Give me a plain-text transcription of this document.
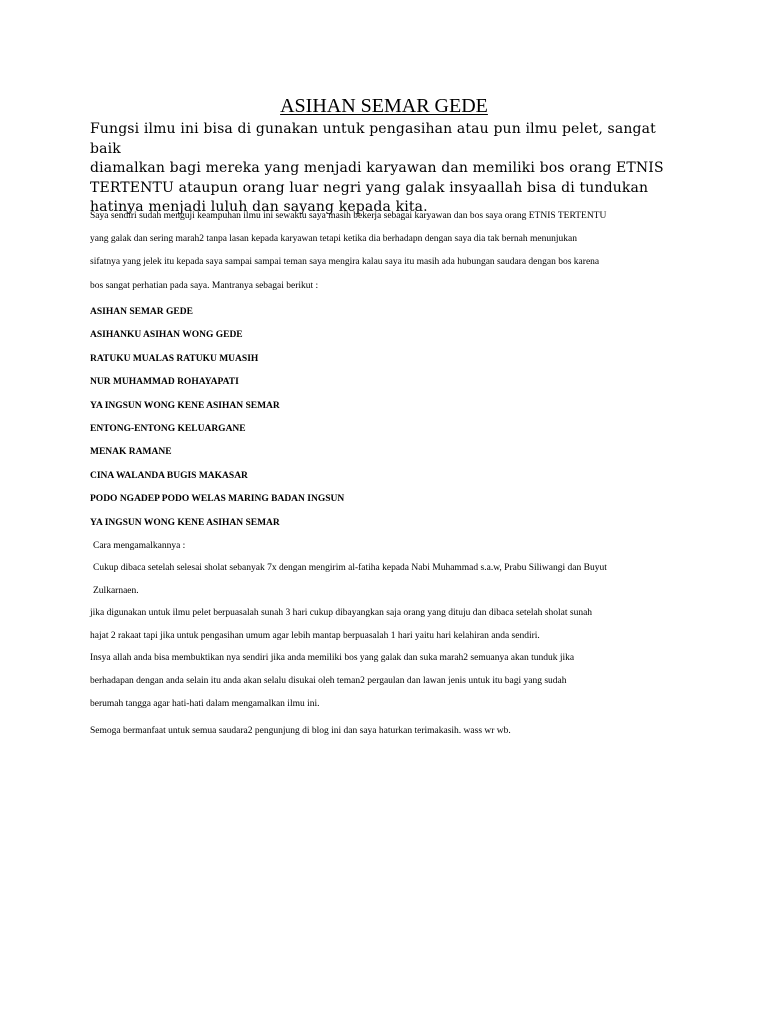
ASIHAN SEMAR GEDE

Fungsi ilmu ini bisa di gunakan untuk pengasihan atau pun ilmu pelet, sangat baik
diamalkan bagi mereka yang menjadi karyawan dan memiliki bos orang ETNIS
TERTENTU ataupun orang luar negri yang galak insyaallah bisa di tundukan
hatinya menjadi luluh dan sayang kepada kita.

Saya sendiri sudah menguji keampuhan ilmu ini sewaktu saya masih bekerja sebagai karyawan dan bos saya orang ETNIS TERTENTU
yang galak dan sering marah2 tanpa lasan kepada karyawan tetapi ketika dia berhadapn dengan saya dia tak bernah menunjukan
sifatnya yang jelek itu kepada saya sampai sampai teman saya mengira kalau saya itu masih ada hubungan saudara dengan bos karena
bos sangat perhatian pada saya. Mantranya sebagai berikut :

ASIHAN SEMAR GEDE
ASIHANKU ASIHAN WONG GEDE
RATUKU MUALAS RATUKU MUASIH
NUR MUHAMMAD ROHAYAPATI
YA INGSUN WONG KENE ASIHAN SEMAR
ENTONG-ENTONG KELUARGANE
MENAK RAMANE
CINA WALANDA BUGIS MAKASAR
PODO NGADEP PODO WELAS MARING BADAN INGSUN
YA INGSUN WONG KENE ASIHAN SEMAR

Cara mengamalkannya :

Cukup dibaca setelah selesai sholat sebanyak 7x dengan mengirim al-fatiha kepada Nabi Muhammad s.a.w, Prabu Siliwangi dan Buyut
Zulkarnaen.

jika digunakan untuk ilmu pelet berpuasalah sunah 3 hari cukup dibayangkan saja orang yang dituju dan dibaca setelah sholat sunah
hajat 2 rakaat tapi jika untuk pengasihan umum agar lebih mantap berpuasalah 1 hari yaitu hari kelahiran anda sendiri.

Insya allah anda bisa membuktikan nya sendiri jika anda memiliki bos yang galak dan suka marah2 semuanya akan tunduk jika
berhadapan dengan anda selain itu anda akan selalu disukai oleh teman2 pergaulan dan lawan jenis untuk itu bagi yang sudah
berumah tangga agar hati-hati dalam mengamalkan ilmu ini.

Semoga bermanfaat untuk semua saudara2 pengunjung di blog ini dan saya haturkan terimakasih. wass wr wb.
